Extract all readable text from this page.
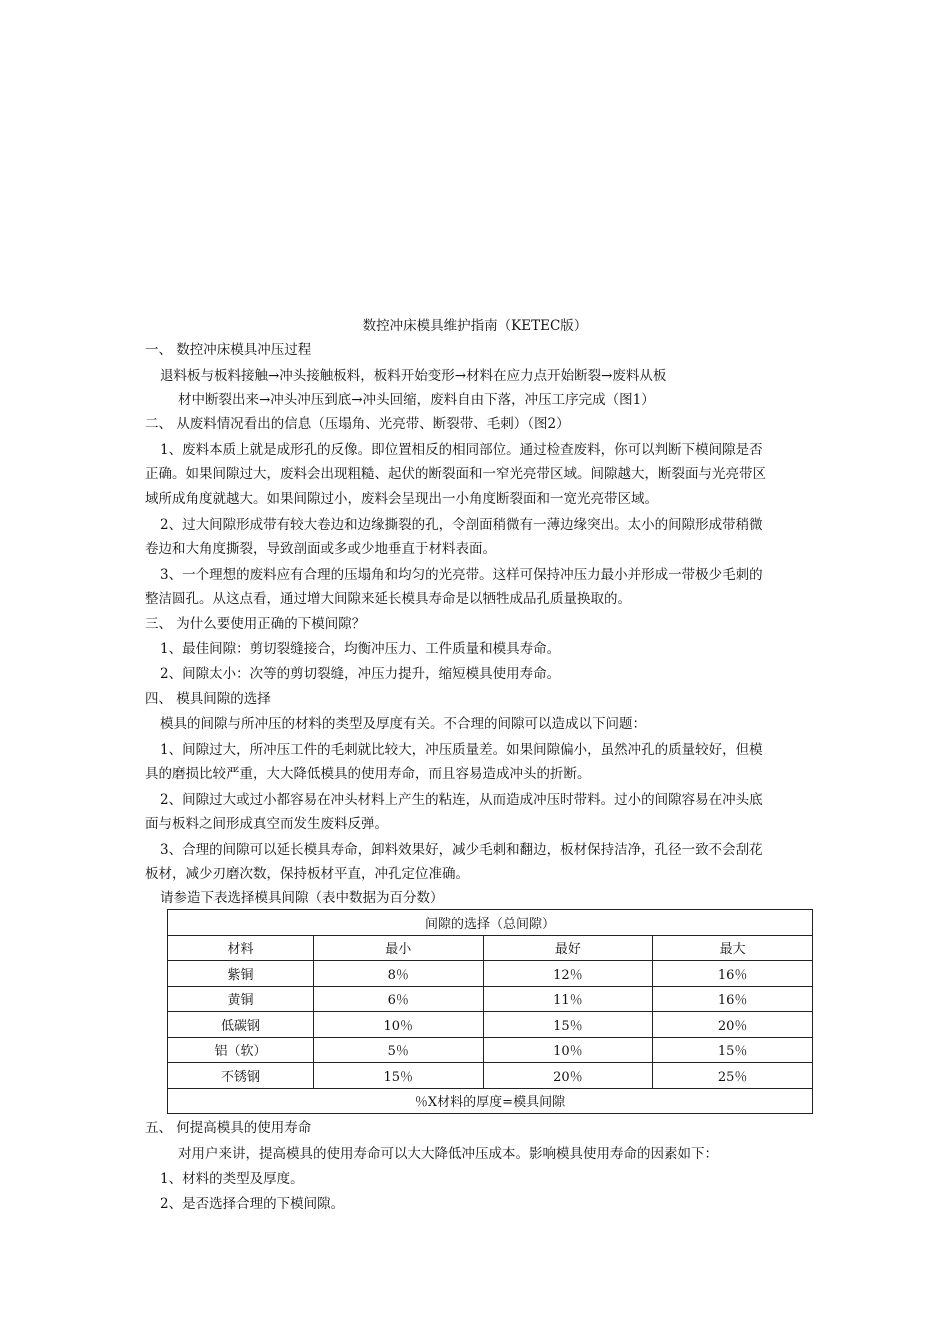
数控冲床模具维护指南（KETEC版）
一、 数控冲床模具冲压过程
退料板与板料接触→冲头接触板料，板料开始变形→材料在应力点开始断裂→废料从板
材中断裂出来→冲头冲压到底→冲头回缩，废料自由下落，冲压工序完成（图1）
二、 从废料情况看出的信息（压塌角、光亮带、断裂带、毛刺）（图2）
1、废料本质上就是成形孔的反像。即位置相反的相同部位。通过检查废料，你可以判断下模间隙是否
正确。如果间隙过大，废料会出现粗糙、起伏的断裂面和一窄光亮带区域。间隙越大，断裂面与光亮带区
域所成角度就越大。如果间隙过小，废料会呈现出一小角度断裂面和一宽光亮带区域。
2、过大间隙形成带有较大卷边和边缘撕裂的孔，令剖面稍微有一薄边缘突出。太小的间隙形成带稍微
卷边和大角度撕裂，导致剖面或多或少地垂直于材料表面。
3、一个理想的废料应有合理的压塌角和均匀的光亮带。这样可保持冲压力最小并形成一带极少毛刺的
整洁圆孔。从这点看，通过增大间隙来延长模具寿命是以牺牲成品孔质量换取的。
三、 为什么要使用正确的下模间隙？
1、最佳间隙：剪切裂缝接合，均衡冲压力、工件质量和模具寿命。
2、间隙太小：次等的剪切裂缝，冲压力提升，缩短模具使用寿命。
四、 模具间隙的选择
模具的间隙与所冲压的材料的类型及厚度有关。不合理的间隙可以造成以下问题：
1、间隙过大，所冲压工件的毛刺就比较大，冲压质量差。如果间隙偏小，虽然冲孔的质量较好，但模
具的磨损比较严重，大大降低模具的使用寿命，而且容易造成冲头的折断。
2、间隙过大或过小都容易在冲头材料上产生的粘连，从而造成冲压时带料。过小的间隙容易在冲头底
面与板料之间形成真空而发生废料反弹。
3、合理的间隙可以延长模具寿命，卸料效果好，减少毛刺和翻边，板材保持洁净，孔径一致不会刮花
板材，减少刃磨次数，保持板材平直，冲孔定位准确。
请参造下表选择模具间隙（表中数据为百分数）
间隙的选择（总间隙）			
材料	最小	最好	最大
紫铜	8％	12％	16％
黄铜	6％	11％	16％
低碳钢	10％	15％	20％
铝（软）	5％	10％	15％
不锈钢	15％	20％	25％
％X材料的厚度=模具间隙			
五、 何提高模具的使用寿命
对用户来讲，提高模具的使用寿命可以大大降低冲压成本。影响模具使用寿命的因素如下：
1、材料的类型及厚度。
2、是否选择合理的下模间隙。
